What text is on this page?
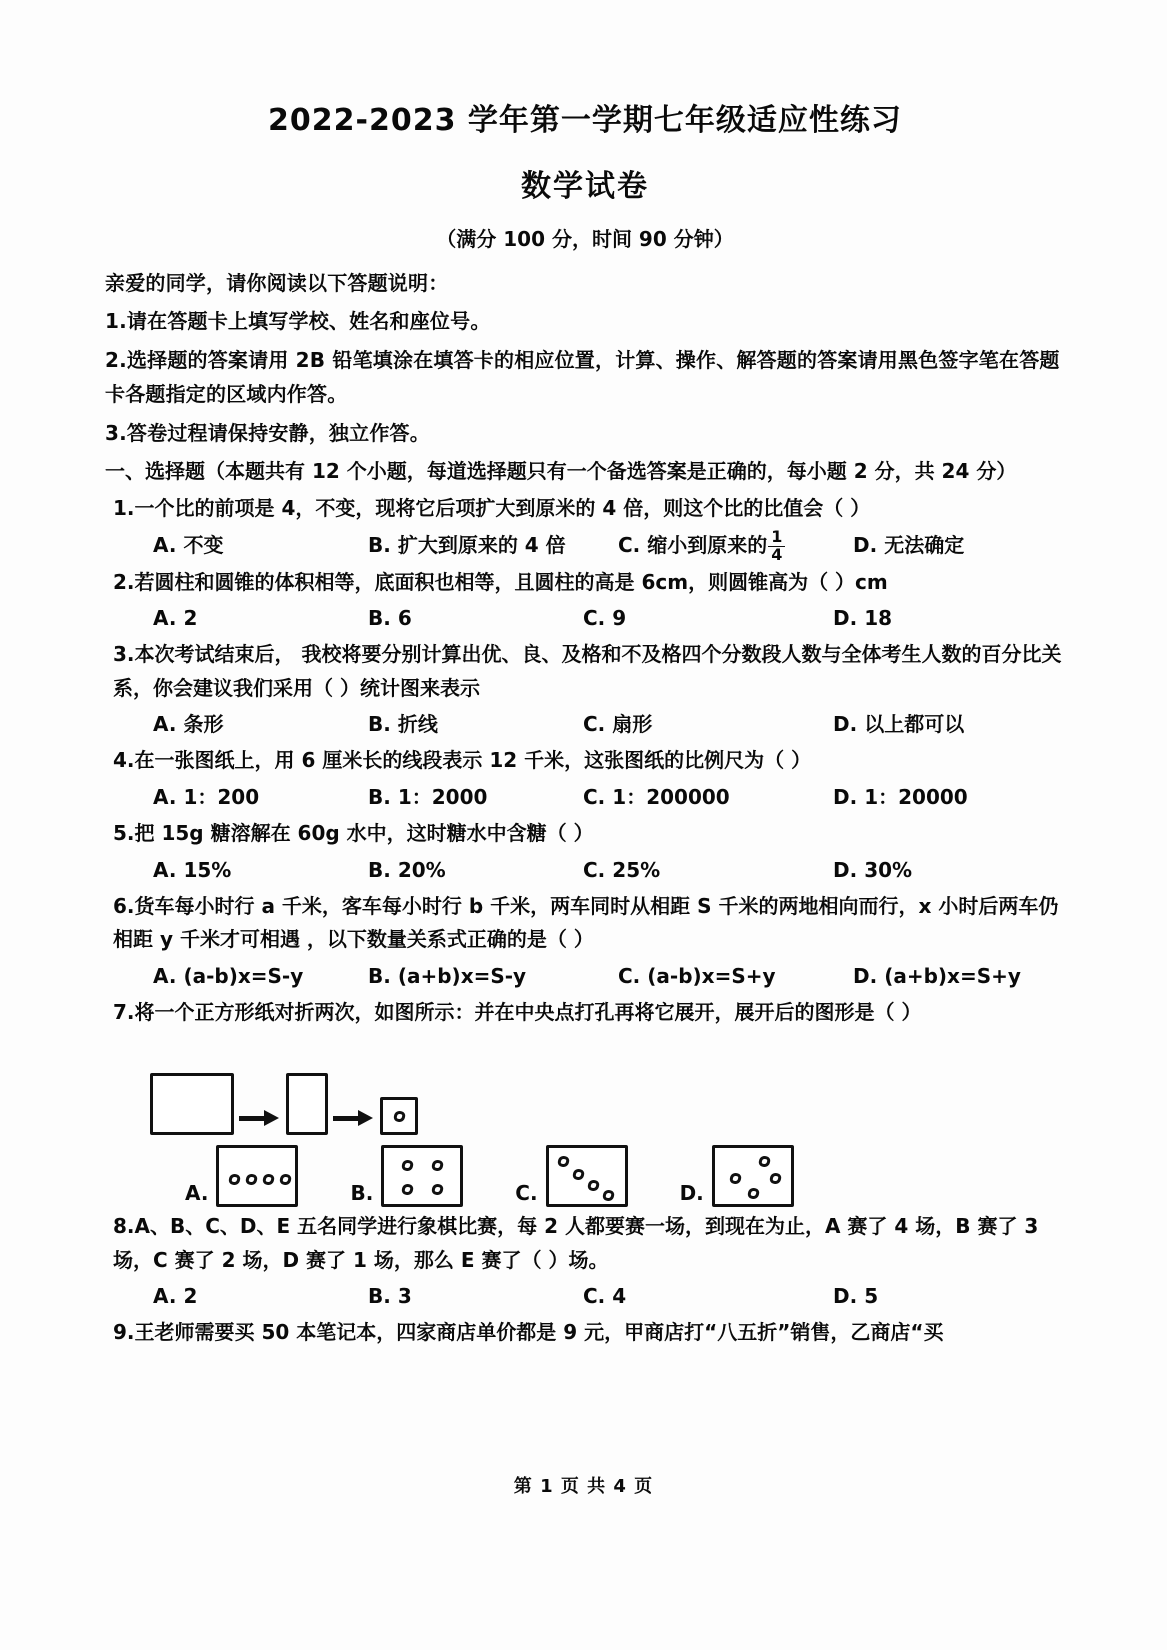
2022-2023 学年第一学期七年级适应性练习
数学试卷
（满分 100 分，时间 90 分钟）

亲爱的同学，请你阅读以下答题说明：

1.请在答题卡上填写学校、姓名和座位号。

2.选择题的答案请用 2B 铅笔填涂在填答卡的相应位置，计算、操作、解答题的答案请用黑色签字笔在答题卡各题指定的区域内作答。

3.答卷过程请保持安静，独立作答。

一、选择题（本题共有 12 个小题，每道选择题只有一个备选答案是正确的，每小题 2 分，共 24 分）

1.一个比的前项是 4，不变，现将它后项扩大到原米的 4 倍，则这个比的比值会（ ）

A. 不变	B. 扩大到原来的 4 倍	C. 缩小到原来的 $\frac{1}{4}$	D. 无法确定

2.若圆柱和圆锥的体积相等，底面积也相等，且圆柱的高是 6cm，则圆锥高为（ ）cm

A. 2	B. 6	C. 9	D. 18

3.本次考试结束后， 我校将要分别计算出优、良、及格和不及格四个分数段人数与全体考生人数的百分比关系，你会建议我们采用（ ）统计图来表示

A. 条形	B. 折线	C. 扇形	D. 以上都可以

4.在一张图纸上，用 6 厘米长的线段表示 12 千米，这张图纸的比例尺为（ ）

A. 1：200	B. 1：2000	C. 1：200000	D. 1：20000

5.把 15g 糖溶解在 60g 水中，这时糖水中含糖（ ）

A. 15%	B. 20%	C. 25%	D. 30%

6.货车每小时行 a 千米，客车每小时行 b 千米，两车同时从相距 S 千米的两地相向而行，x 小时后两车仍相距 y 千米才可相遇 ，以下数量关系式正确的是（ ）

A. (a-b)x=S-y	B. (a+b)x=S-y	C. (a-b)x=S+y	D. (a+b)x=S+y

7.将一个正方形纸对折两次，如图所示：并在中央点打孔再将它展开，展开后的图形是（ ）

A.	B.	C.	D.

8.A、B、C、D、E 五名同学进行象棋比赛，每 2 人都要赛一场，到现在为止，A 赛了 4 场，B 赛了 3 场，C 赛了 2 场，D 赛了 1 场，那么 E 赛了（ ）场。

A. 2	B. 3	C. 4	D. 5

9.王老师需要买 50 本笔记本，四家商店单价都是 9 元，甲商店打“八五折”销售，乙商店“买

第 1 页 共 4 页
